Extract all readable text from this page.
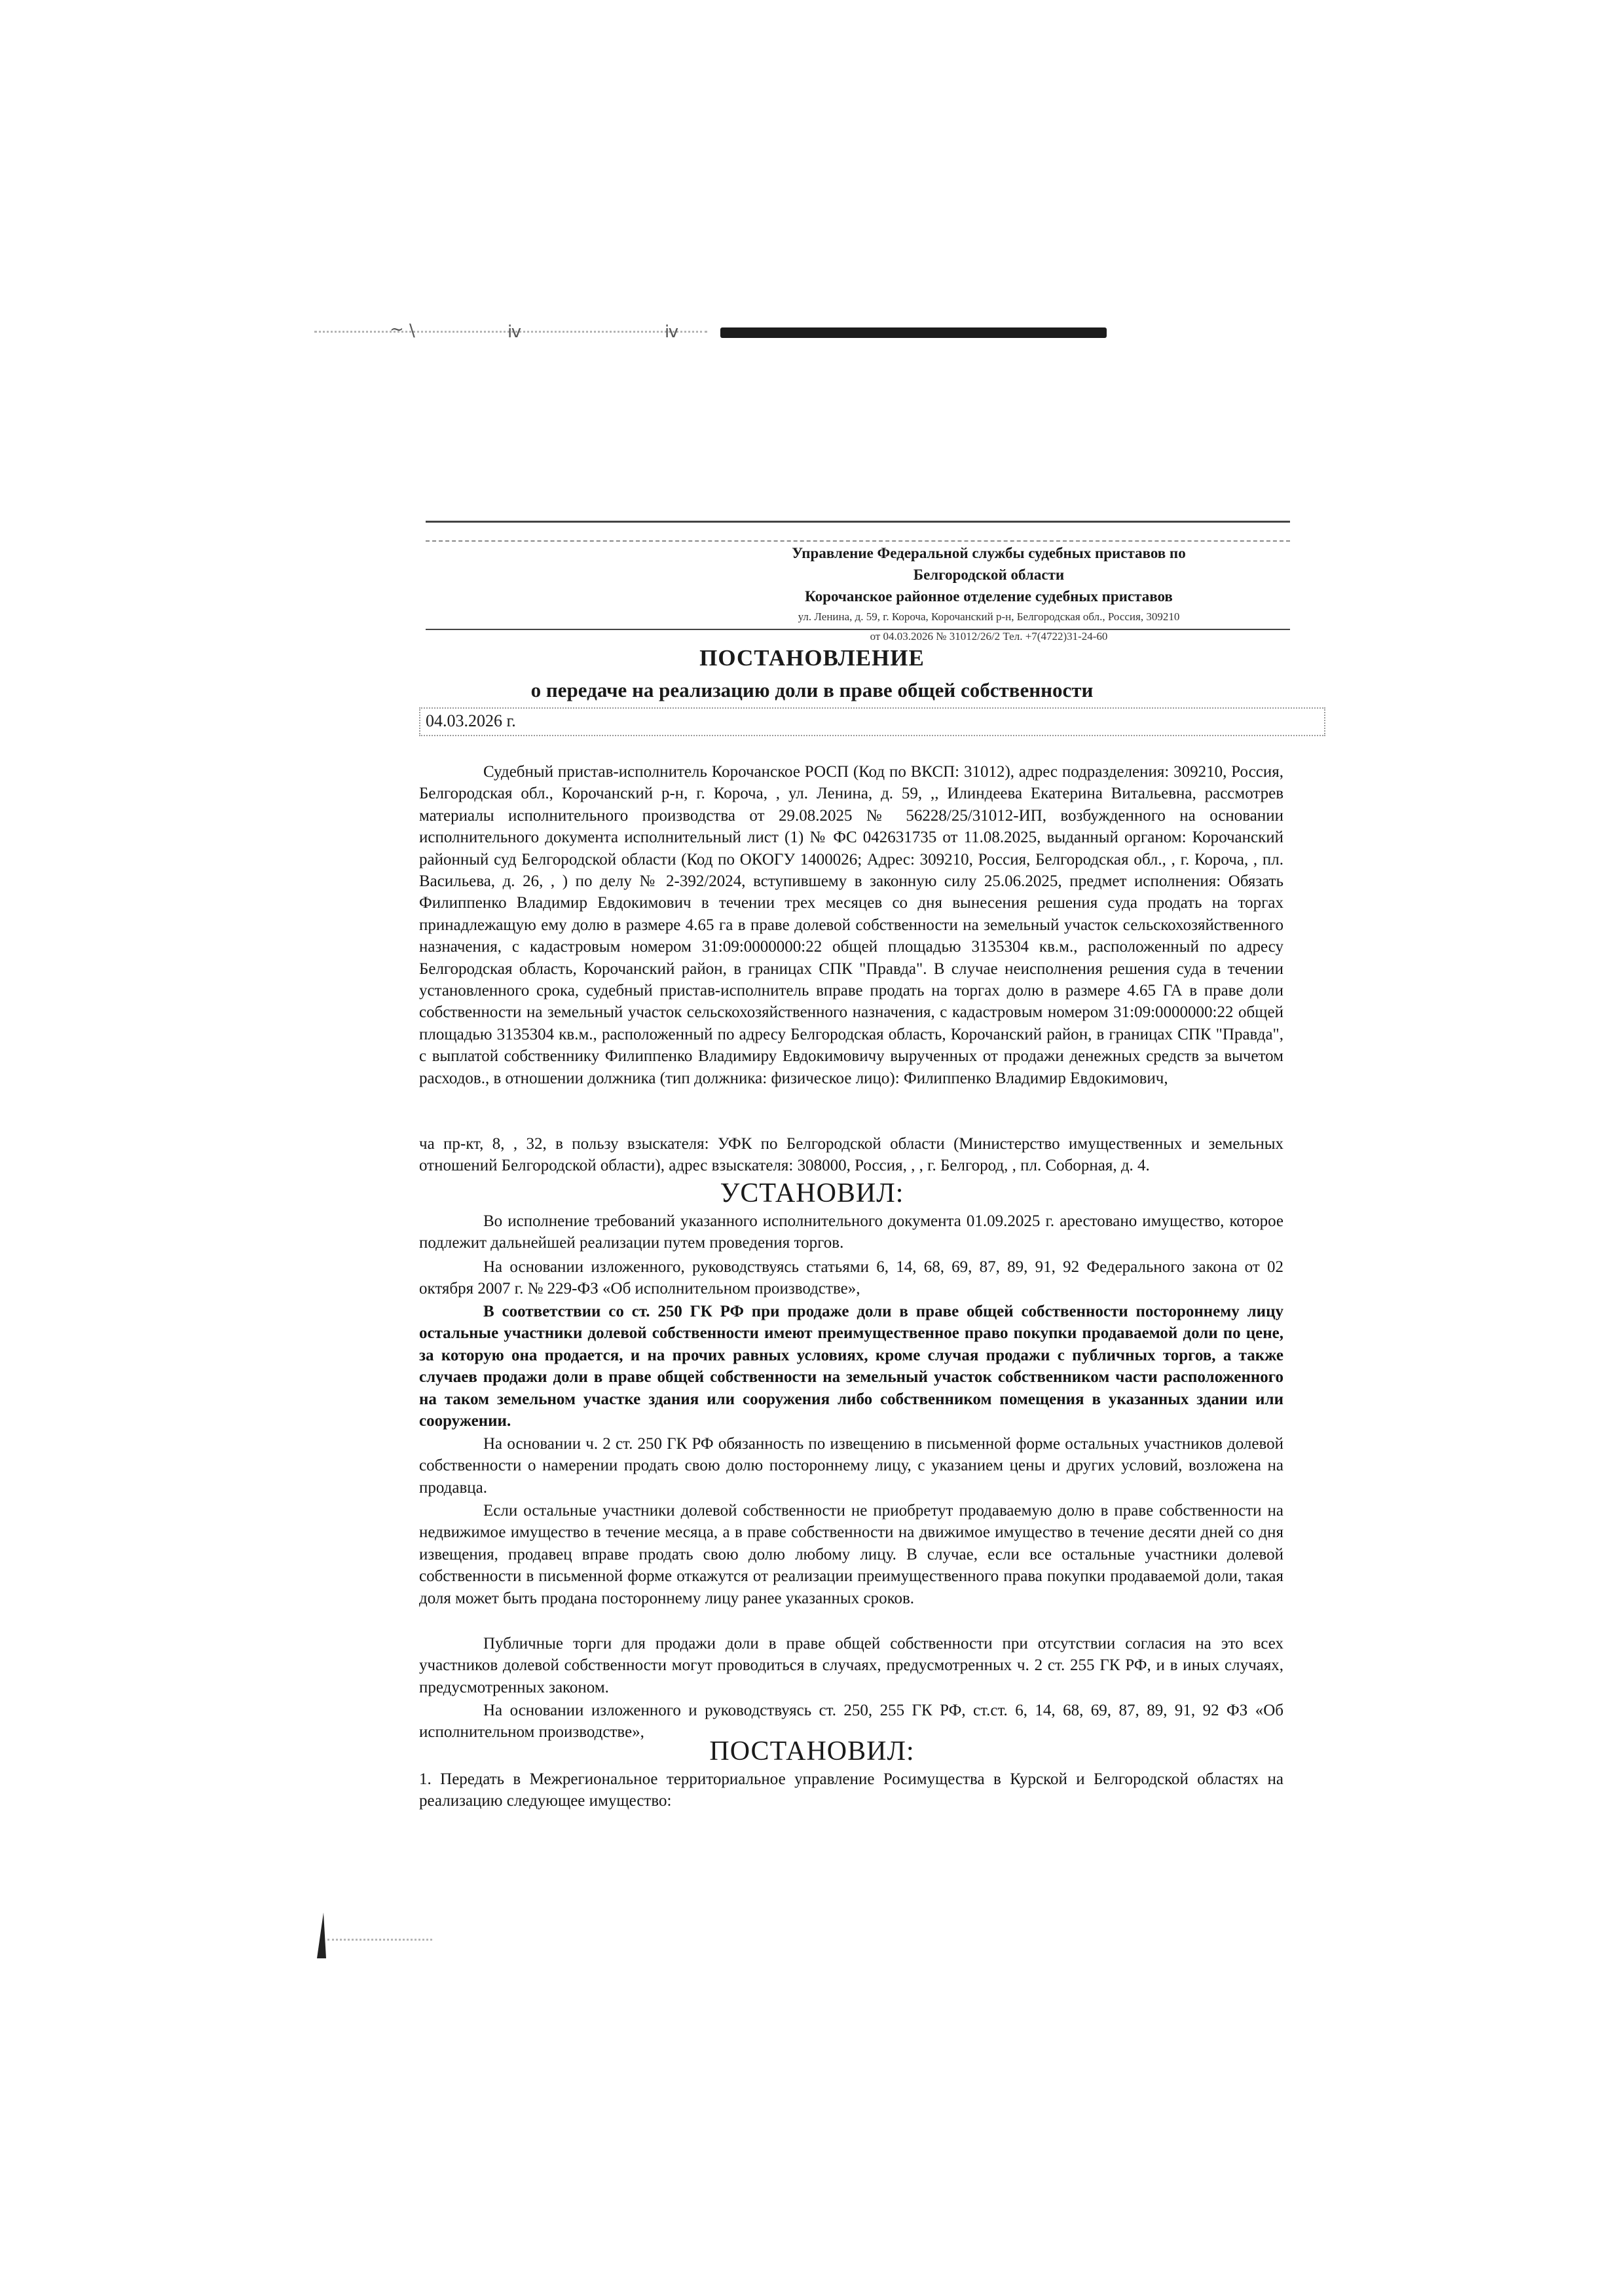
~ \	ⅳ	ⅳ
Управление Федеральной службы судебных приставов по
Белгородской области
Корочанское районное отделение судебных приставов
ул. Ленина, д. 59, г. Короча, Корочанский р-н, Белгородская обл., Россия, 309210
от 04.03.2026 № 31012/26/2 Тел. +7(4722)31-24-60
ПОСТАНОВЛЕНИЕ
о передаче на реализацию доли в праве общей собственности
04.03.2026 г.

Судебный пристав-исполнитель Корочанское РОСП (Код по ВКСП: 31012), адрес подразделения: 309210, Россия, Белгородская обл., Корочанский р-н, г. Короча, , ул. Ленина, д. 59, ,, Илиндеева Екатерина Витальевна, рассмотрев материалы исполнительного производства от 29.08.2025 № 56228/25/31012-ИП, возбужденного на основании исполнительного документа исполнительный лист (1) № ФС 042631735 от 11.08.2025, выданный органом: Корочанский районный суд Белгородской области (Код по ОКОГУ 1400026; Адрес: 309210, Россия, Белгородская обл., , г. Короча, , пл. Васильева, д. 26, , ) по делу № 2-392/2024, вступившему в законную силу 25.06.2025, предмет исполнения: Обязать Филиппенко Владимир Евдокимович в течении трех месяцев со дня вынесения решения суда продать на торгах принадлежащую ему долю в размере 4.65 га в праве долевой собственности на земельный участок сельскохозяйственного назначения, с кадастровым номером 31:09:0000000:22 общей площадью 3135304 кв.м., расположенный по адресу Белгородская область, Корочанский район, в границах СПК "Правда". В случае неисполнения решения суда в течении установленного срока, судебный пристав-исполнитель вправе продать на торгах долю в размере 4.65 ГА в праве доли собственности на земельный участок сельскохозяйственного назначения, с кадастровым номером 31:09:0000000:22 общей площадью 3135304 кв.м., расположенный по адресу Белгородская область, Корочанский район, в границах СПК "Правда", с выплатой собственнику Филиппенко Владимиру Евдокимовичу вырученных от продажи денежных средств за вычетом расходов., в отношении должника (тип должника: физическое лицо): Филиппенко Владимир Евдокимович,

ча пр-кт, 8, , 32, в пользу взыскателя: УФК по Белгородской области (Министерство имущественных и земельных отношений Белгородской области), адрес взыскателя: 308000, Россия, , , г. Белгород, , пл. Соборная, д. 4.

УСТАНОВИЛ:

Во исполнение требований указанного исполнительного документа 01.09.2025 г. арестовано имущество, которое подлежит дальнейшей реализации путем проведения торгов.

На основании изложенного, руководствуясь статьями 6, 14, 68, 69, 87, 89, 91, 92 Федерального закона от 02 октября 2007 г. № 229-ФЗ «Об исполнительном производстве»,

В соответствии со ст. 250 ГК РФ при продаже доли в праве общей собственности постороннему лицу остальные участники долевой собственности имеют преимущественное право покупки продаваемой доли по цене, за которую она продается, и на прочих равных условиях, кроме случая продажи с публичных торгов, а также случаев продажи доли в праве общей собственности на земельный участок собственником части расположенного на таком земельном участке здания или сооружения либо собственником помещения в указанных здании или сооружении.

На основании ч. 2 ст. 250 ГК РФ обязанность по извещению в письменной форме остальных участников долевой собственности о намерении продать свою долю постороннему лицу, с указанием цены и других условий, возложена на продавца.

Если остальные участники долевой собственности не приобретут продаваемую долю в праве собственности на недвижимое имущество в течение месяца, а в праве собственности на движимое имущество в течение десяти дней со дня извещения, продавец вправе продать свою долю любому лицу. В случае, если все остальные участники долевой собственности в письменной форме откажутся от реализации преимущественного права покупки продаваемой доли, такая доля может быть продана постороннему лицу ранее указанных сроков.

Публичные торги для продажи доли в праве общей собственности при отсутствии согласия на это всех участников долевой собственности могут проводиться в случаях, предусмотренных ч. 2 ст. 255 ГК РФ, и в иных случаях, предусмотренных законом.

На основании изложенного и руководствуясь ст. 250, 255 ГК РФ, ст.ст. 6, 14, 68, 69, 87, 89, 91, 92 ФЗ «Об исполнительном производстве»,

ПОСТАНОВИЛ:

1. Передать в Межрегиональное территориальное управление Росимущества в Курской и Белгородской областях на реализацию следующее имущество:
